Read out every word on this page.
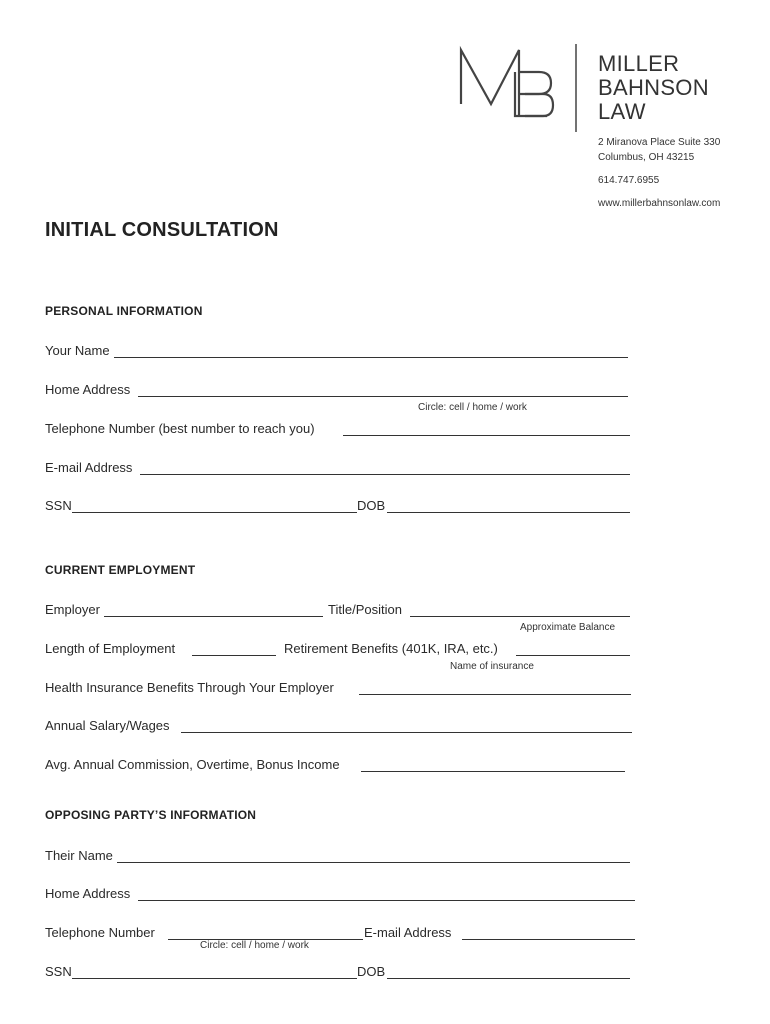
MILLER
BAHNSON
LAW
2 Miranova Place Suite 330
Columbus, OH 43215
614.747.6955
www.millerbahnsonlaw.com
INITIAL CONSULTATION
PERSONAL INFORMATION
Your Name
Home Address
Circle: cell / home / work
Telephone Number (best number to reach you)
E-mail Address
SSN	DOB
CURRENT EMPLOYMENT
Employer	Title/Position
Approximate Balance
Length of Employment	Retirement Benefits (401K, IRA, etc.)
Name of insurance
Health Insurance Benefits Through Your Employer
Annual Salary/Wages
Avg. Annual Commission, Overtime, Bonus Income
OPPOSING PARTY’S INFORMATION
Their Name
Home Address
Telephone Number	E-mail Address
Circle: cell / home / work
SSN	DOB
